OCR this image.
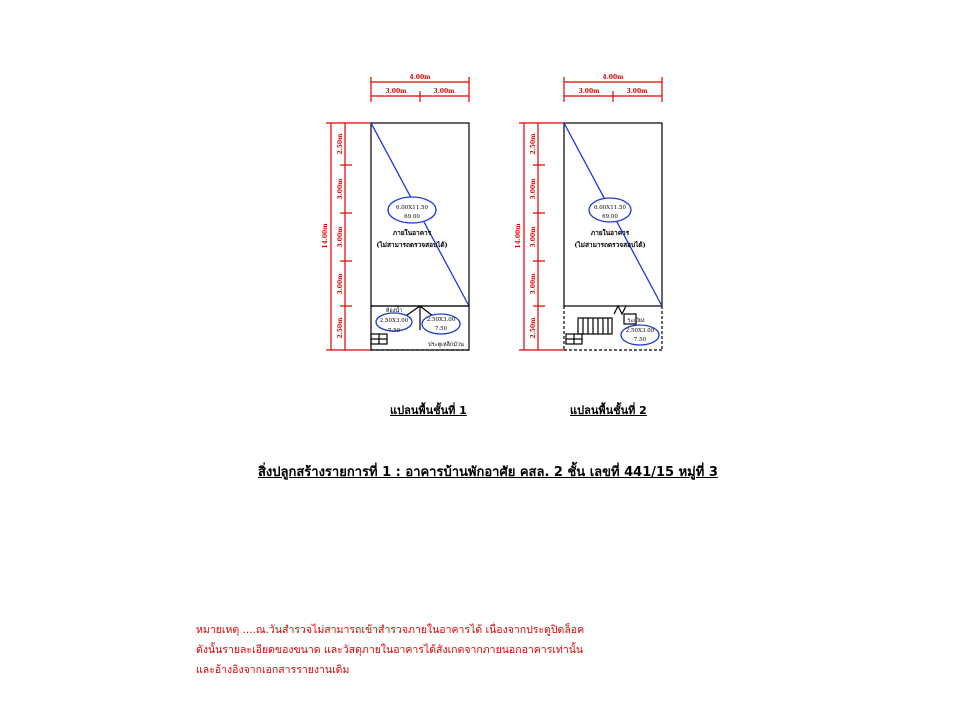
4.00m
3.00m	3.00m
14.00m
2.50m
3.00m
3.00m
3.00m
2.50m
6.00X11.50
69.00
ภายในอาคาร
(ไม่สามารถตรวจสอบได้)
ห้องน้ำ
2.50X3.00
7.50
2.50X3.00
7.50
ประตูเหล็กม้วน
4.00m
3.00m	3.00m
14.00m
2.50m
3.00m
3.00m
3.00m
2.50m
6.00X11.50
69.00
ภายในอาคาร
(ไม่สามารถตรวจสอบได้)
ระเบียง
2.50X3.00
7.50
แปลนพื้นชั้นที่ 1	แปลนพื้นชั้นที่ 2
สิ่งปลูกสร้างรายการที่ 1 : อาคารบ้านพักอาศัย คสล. 2 ชั้น เลขที่ 441/15 หมู่ที่ 3
หมายเหตุ ....ณ.วันสำรวจไม่สามารถเข้าสำรวจภายในอาคารได้ เนื่องจากประตูปิดล็อค
ดังนั้นรายละเอียดของขนาด และวัสดุภายในอาคารได้สังเกตจากภายนอกอาคารเท่านั้น
และอ้างอิงจากเอกสารรายงานเดิม
